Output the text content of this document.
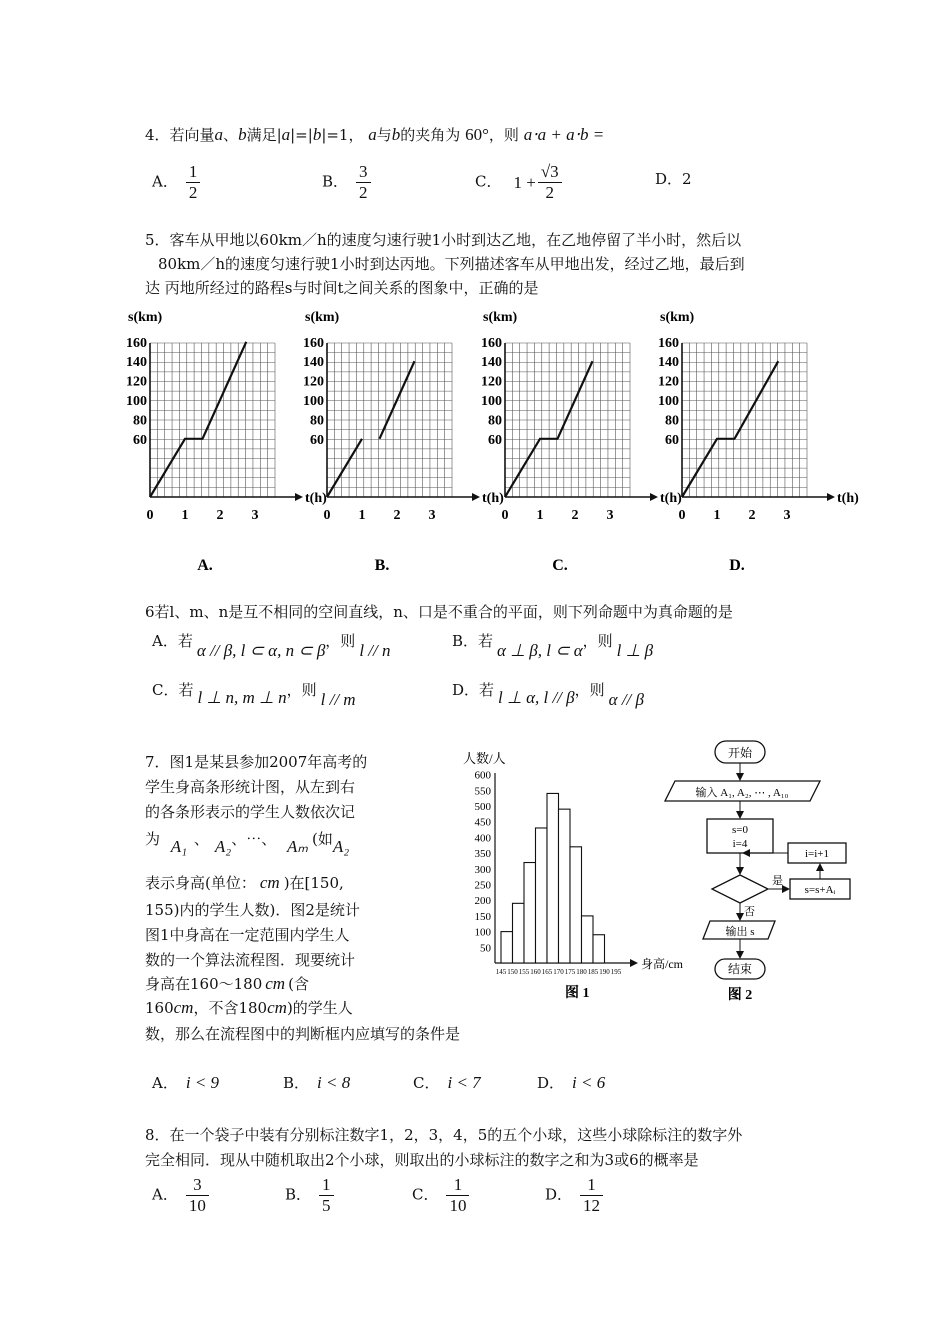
4．若向量a、b满足|a|=|b|=1， a与b的夹角为 60°，则 a⋅a + a⋅b =
A． $\frac{1}{2}$	B． $\frac{3}{2}$	C． $1 + \frac{√3}{2}$	D．2
5．客车从甲地以60km／h的速度匀速行驶1小时到达乙地，在乙地停留了半小时，然后以
80km／h的速度匀速行驶1小时到达丙地。下列描述客车从甲地出发，经过乙地，最后到
达 丙地所经过的路程s与时间t之间关系的图象中，正确的是
s(km)
t(h)
160
140
120
100
80
60
0 1 2 3
A.
s(km)
t(h)
160
140
120
100
80
60
0 1 2 3
B.
s(km)
t(h)
160
140
120
100
80
60
0 1 2 3
C.
s(km)
t(h)
160
140
120
100
80
60
0 1 2 3
D.
6若l、m、n是互不相同的空间直线，n、口是不重合的平面，则下列命题中为真命题的是
A．若 α // β, l ⊂ α, n ⊂ β，则 l // n	B．若 α ⊥ β, l ⊂ α，则 l ⊥ β
C．若 l ⊥ n, m ⊥ n，则 l // m	D．若 l ⊥ α, l // β，则 α // β
7．图1是某县参加2007年高考的
学生身高条形统计图，从左到右
的各条形表示的学生人数依次记
为 A₁ 、 A₂、⋯、 Aₘ (如A₂
表示身高(单位： cm )在[150,
155)内的学生人数)．图2是统计
图1中身高在一定范围内学生人
数的一个算法流程图．现要统计
身高在160～180 cm (含
160cm，不含180cm)的学生人
数，那么在流程图中的判断框内应填写的条件是
人数/人
600
550
500
450
400
350
300
250
200
150
100
50
145 150 155 160 165 170 175 180 185 190 195
身高/cm
图 1
开始
输入 A₁, A₂, ⋯ , A₁₀
s=0
i=4
i=i+1
是
s=s+Aᵢ
否
输出 s
结束
图 2
A． i < 9	B． i < 8	C． i < 7	D． i < 6
8．在一个袋子中装有分别标注数字1，2，3，4，5的五个小球，这些小球除标注的数字外
完全相同．现从中随机取出2个小球，则取出的小球标注的数字之和为3或6的概率是
A． $\frac{3}{10}$	B． $\frac{1}{5}$	C． $\frac{1}{10}$	D． $\frac{1}{12}$
